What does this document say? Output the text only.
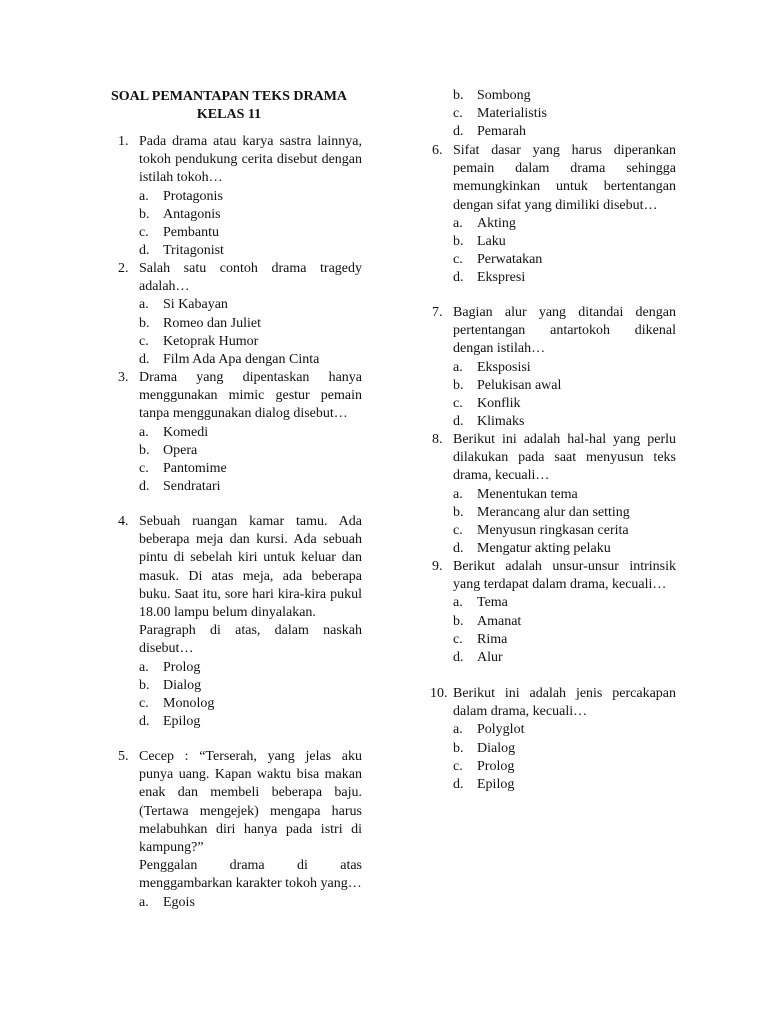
SOAL PEMANTAPAN TEKS DRAMA
KELAS 11
1. Pada drama atau karya sastra lainnya, tokoh pendukung cerita disebut dengan istilah tokoh…

a. Protagonis
b. Antagonis
c. Pembantu
d. Tritagonist
2. Salah satu contoh drama tragedy adalah…

a. Si Kabayan
b. Romeo dan Juliet
c. Ketoprak Humor
d. Film Ada Apa dengan Cinta
3. Drama yang dipentaskan hanya menggunakan mimic gestur pemain tanpa menggunakan dialog disebut…

a. Komedi
b. Opera
c. Pantomime
d. Sendratari
4. Sebuah ruangan kamar tamu. Ada beberapa meja dan kursi. Ada sebuah pintu di sebelah kiri untuk keluar dan masuk. Di atas meja, ada beberapa buku. Saat itu, sore hari kira-kira pukul 18.00 lampu belum dinyalakan.

Paragraph di atas, dalam naskah disebut…

a. Prolog
b. Dialog
c. Monolog
d. Epilog
5. Cecep : “Terserah, yang jelas aku punya uang. Kapan waktu bisa makan enak dan membeli beberapa baju. (Tertawa mengejek) mengapa harus melabuhkan diri hanya pada istri di kampung?”

Penggalan drama di atas menggambarkan karakter tokoh yang…

a. Egois
b. Sombong
c. Materialistis
d. Pemarah
6. Sifat dasar yang harus diperankan pemain dalam drama sehingga memungkinkan untuk bertentangan dengan sifat yang dimiliki disebut…

a. Akting
b. Laku
c. Perwatakan
d. Ekspresi
7. Bagian alur yang ditandai dengan pertentangan antartokoh dikenal dengan istilah…

a. Eksposisi
b. Pelukisan awal
c. Konflik
d. Klimaks
8. Berikut ini adalah hal-hal yang perlu dilakukan pada saat menyusun teks drama, kecuali…

a. Menentukan tema
b. Merancang alur dan setting
c. Menyusun ringkasan cerita
d. Mengatur akting pelaku
9. Berikut adalah unsur-unsur intrinsik yang terdapat dalam drama, kecuali…

a. Tema
b. Amanat
c. Rima
d. Alur
10. Berikut ini adalah jenis percakapan dalam drama, kecuali…

a. Polyglot
b. Dialog
c. Prolog
d. Epilog
